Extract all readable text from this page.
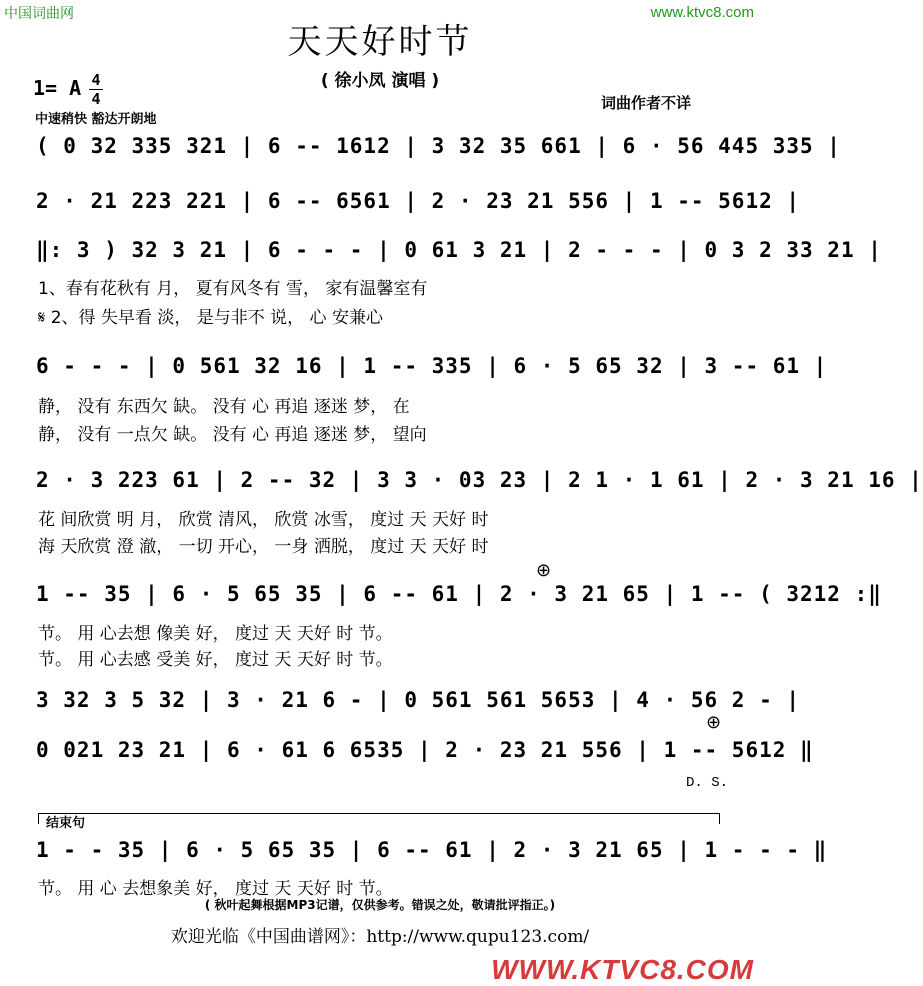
中国词曲网	www.ktvc8.com
天天好时节
( 徐小凤 演唱 )
1= A 4
4
中速稍快 豁达开朗地
词曲作者不详
( 0 32 335 321 | 6 -- 1612 | 3 32 35 661 | 6 · 56 445 335 |
2 · 21 223 221 | 6 -- 6561 | 2 · 23 21 556 | 1 -- 5612 |
‖: 3 ) 32 3 21 | 6 - - - | 0 61 3 21 | 2 - - - | 0 3 2 33 21 |
1、春有花秋有 月， 夏有风冬有 雪， 家有温馨室有
𝄋 2、得 失早看 淡， 是与非不 说， 心 安兼心
6 - - - | 0 561 32 16 | 1 -- 335 | 6 · 5 65 32 | 3 -- 61 |
静， 没有 东西欠 缺。 没有 心 再追 逐迷 梦， 在
静， 没有 一点欠 缺。 没有 心 再追 逐迷 梦， 望向
2 · 3 223 61 | 2 -- 32 | 3 3 · 03 23 | 2 1 · 1 61 | 2 · 3 21 16 |
花 间欣赏 明 月， 欣赏 清风， 欣赏 冰雪， 度过 天 天好 时
海 天欣赏 澄 澈， 一切 开心， 一身 洒脱， 度过 天 天好 时
1 -- 35 | 6 · 5 65 35 | 6 -- 61 | 2 · 3 21 65 | 1 -- ( 3212 :‖
节。 用 心去想 像美 好， 度过 天 天好 时 节。
节。 用 心去感 受美 好， 度过 天 天好 时 节。
3 32 3 5 32 | 3 · 21 6 - | 0 561 561 5653 | 4 · 56 2 - |
0 021 23 21 | 6 · 61 6 6535 | 2 · 23 21 556 | 1 -- 5612 ‖
D. S.
结束句
1 - - 35 | 6 · 5 65 35 | 6 -- 61 | 2 · 3 21 65 | 1 - - - ‖
节。 用 心 去想象美 好， 度过 天 天好 时 节。
⊕
⊕
( 秋叶起舞根据MP3记谱，仅供参考。错误之处，敬请批评指正。)
欢迎光临《中国曲谱网》：http://www.qupu123.com/
WWW.KTVC8.COM
